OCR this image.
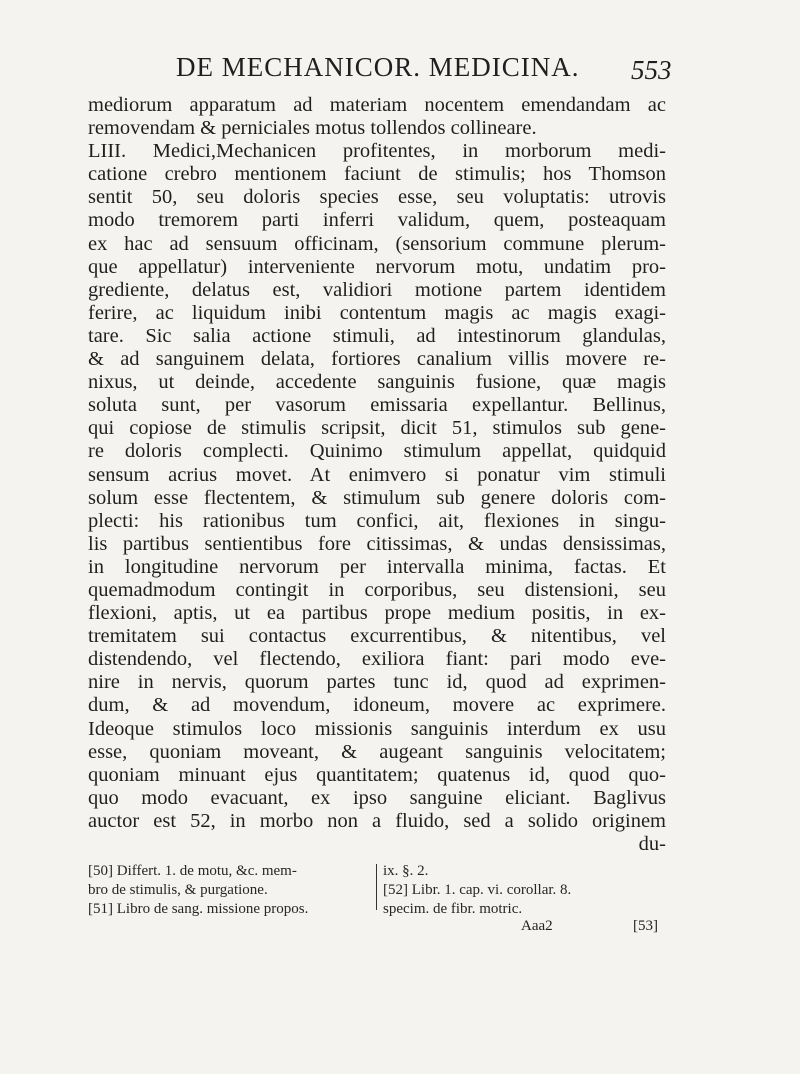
DE MECHANICOR. MEDICINA. 553
mediorum apparatum ad materiam nocentem emendandam ac
removendam & perniciales motus tollendos collineare.
LIII. Medici,Mechanicen profitentes, in morborum medi-
catione crebro mentionem faciunt de stimulis; hos Thomson
sentit 50, seu doloris species esse, seu voluptatis: utrovis
modo tremorem parti inferri validum, quem, posteaquam
ex hac ad sensuum officinam, (sensorium commune plerum-
que appellatur) interveniente nervorum motu, undatim pro-
grediente, delatus est, validiori motione partem identidem
ferire, ac liquidum inibi contentum magis ac magis exagi-
tare. Sic salia actione stimuli, ad intestinorum glandulas,
& ad sanguinem delata, fortiores canalium villis movere re-
nixus, ut deinde, accedente sanguinis fusione, quæ magis
soluta sunt, per vasorum emissaria expellantur. Bellinus,
qui copiose de stimulis scripsit, dicit 51, stimulos sub gene-
re doloris complecti. Quinimo stimulum appellat, quidquid
sensum acrius movet. At enimvero si ponatur vim stimuli
solum esse flectentem, & stimulum sub genere doloris com-
plecti: his rationibus tum confici, ait, flexiones in singu-
lis partibus sentientibus fore citissimas, & undas densissimas,
in longitudine nervorum per intervalla minima, factas. Et
quemadmodum contingit in corporibus, seu distensioni, seu
flexioni, aptis, ut ea partibus prope medium positis, in ex-
tremitatem sui contactus excurrentibus, & nitentibus, vel
distendendo, vel flectendo, exiliora fiant: pari modo eve-
nire in nervis, quorum partes tunc id, quod ad exprimen-
dum, & ad movendum, idoneum, movere ac exprimere.
Ideoque stimulos loco missionis sanguinis interdum ex usu
esse, quoniam moveant, & augeant sanguinis velocitatem;
quoniam minuant ejus quantitatem; quatenus id, quod quo-
quo modo evacuant, ex ipso sanguine eliciant. Baglivus
auctor est 52, in morbo non a fluido, sed a solido originem
du-
[50] Differt. 1. de motu, &c. mem-
bro de stimulis, & purgatione.
[51] Libro de sang. missione propos.
ix. §. 2.
[52] Libr. 1. cap. vi. corollar. 8.
specim. de fibr. motric.
Aaa2	[53]
